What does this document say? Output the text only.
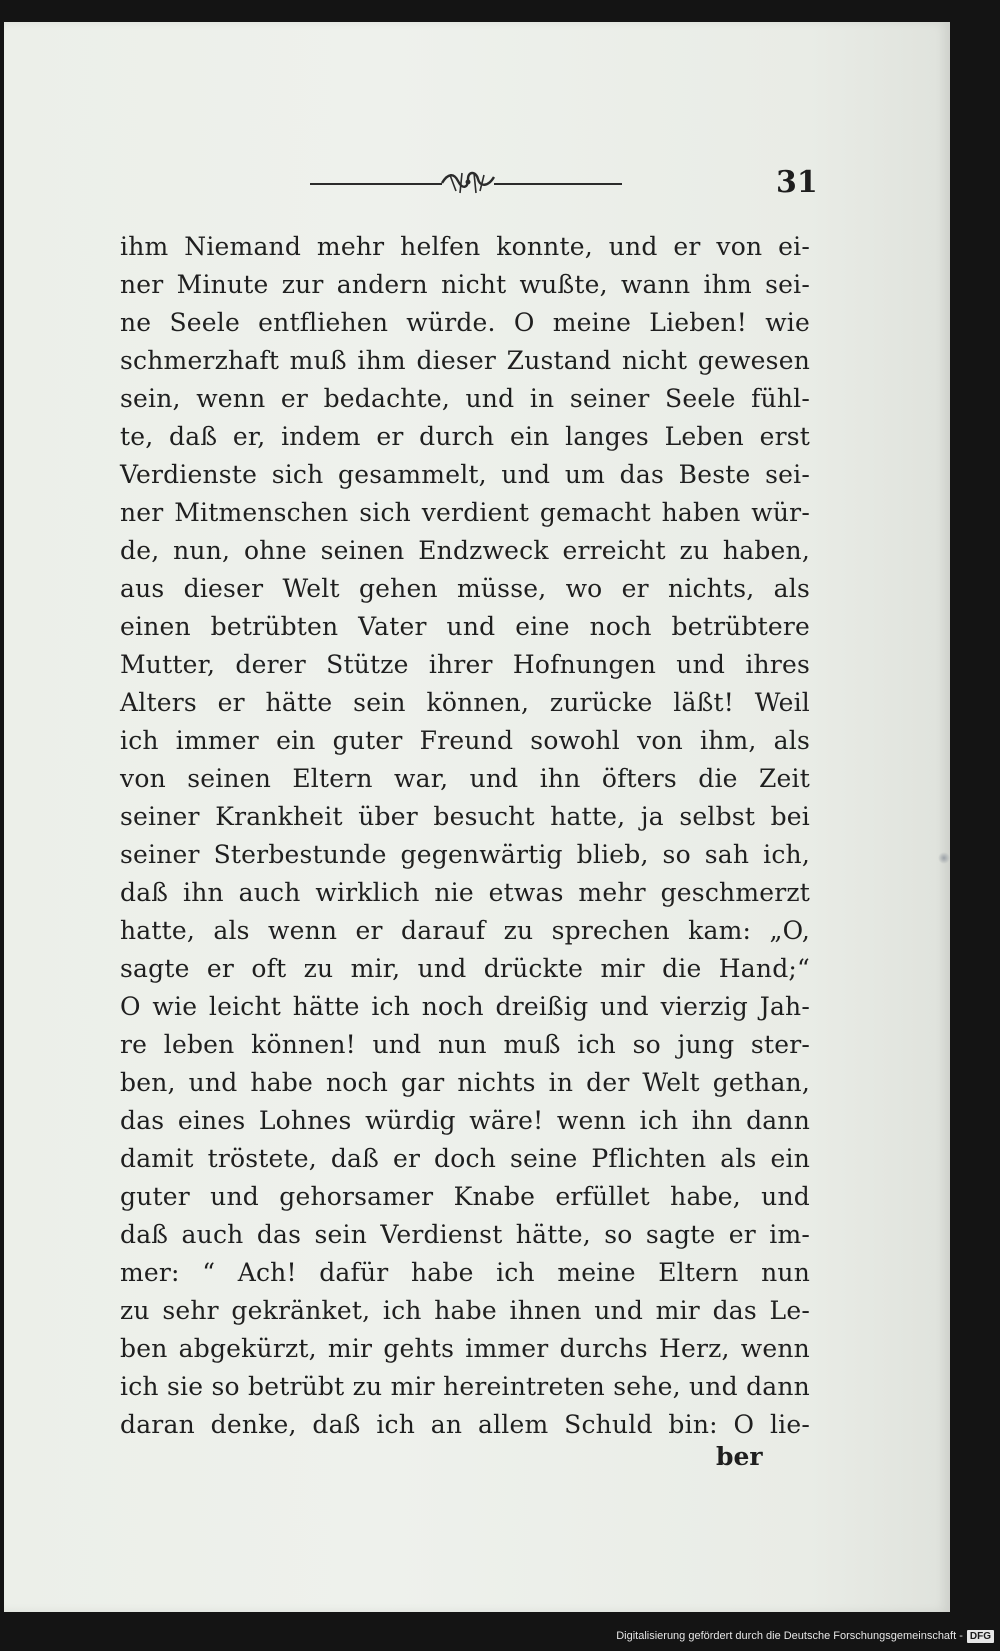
31
ihm Niemand mehr helfen konnte, und er von ei-
ner Minute zur andern nicht wußte, wann ihm sei-
ne Seele entfliehen würde. O meine Lieben! wie
schmerzhaft muß ihm dieser Zustand nicht gewesen
sein, wenn er bedachte, und in seiner Seele fühl-
te, daß er, indem er durch ein langes Leben erst
Verdienste sich gesammelt, und um das Beste sei-
ner Mitmenschen sich verdient gemacht haben wür-
de, nun, ohne seinen Endzweck erreicht zu haben,
aus dieser Welt gehen müsse, wo er nichts, als
einen betrübten Vater und eine noch betrübtere
Mutter, derer Stütze ihrer Hofnungen und ihres
Alters er hätte sein können, zurücke läßt! Weil
ich immer ein guter Freund sowohl von ihm, als
von seinen Eltern war, und ihn öfters die Zeit
seiner Krankheit über besucht hatte, ja selbst bei
seiner Sterbestunde gegenwärtig blieb, so sah ich,
daß ihn auch wirklich nie etwas mehr geschmerzt
hatte, als wenn er darauf zu sprechen kam: „O,
sagte er oft zu mir, und drückte mir die Hand;“
O wie leicht hätte ich noch dreißig und vierzig Jah-
re leben können! und nun muß ich so jung ster-
ben, und habe noch gar nichts in der Welt gethan,
das eines Lohnes würdig wäre! wenn ich ihn dann
damit tröstete, daß er doch seine Pflichten als ein
guter und gehorsamer Knabe erfüllet habe, und
daß auch das sein Verdienst hätte, so sagte er im-
mer: “ Ach! dafür habe ich meine Eltern nun
zu sehr gekränket, ich habe ihnen und mir das Le-
ben abgekürzt, mir gehts immer durchs Herz, wenn
ich sie so betrübt zu mir hereintreten sehe, und dann
daran denke, daß ich an allem Schuld bin: O lie-
ber
Digitalisierung gefördert durch die Deutsche Forschungsgemeinschaft - DFG
